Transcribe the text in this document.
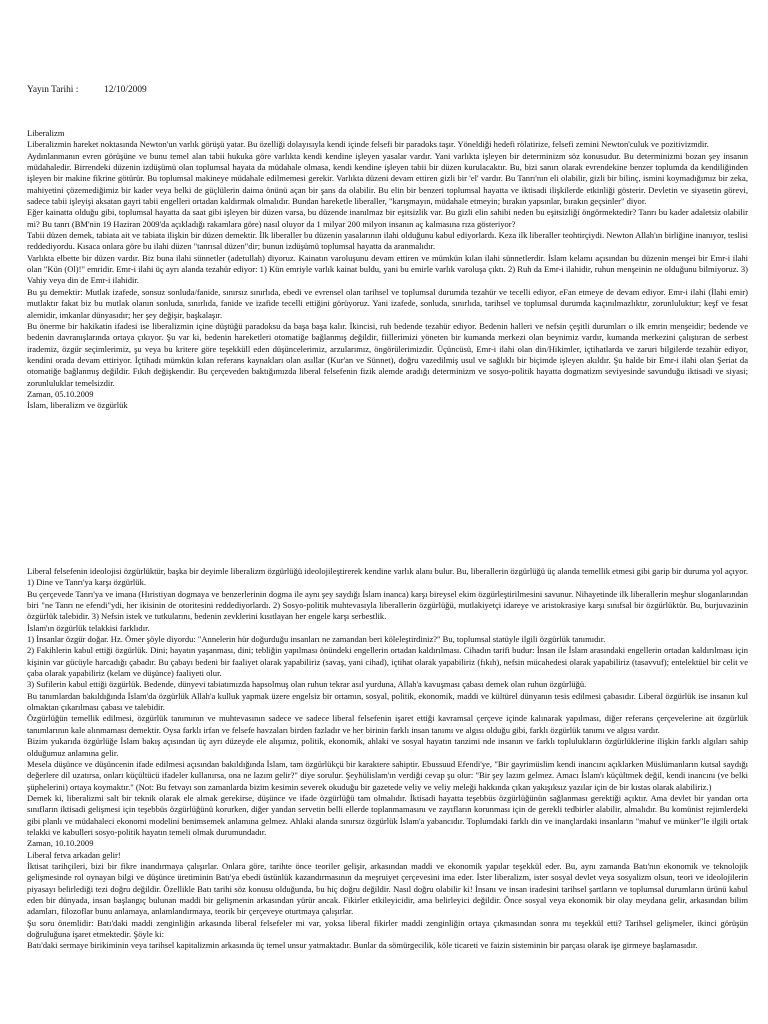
Yayın Tarihi :	12/10/2009

Liberalizm

Liberalizmin hareket noktasında Newton'un varlık görüşü yatar. Bu özelliği dolayısıyla kendi içinde felsefi bir paradoks taşır. Yöneldiği hedefi rölatirize, felsefi zemini Newton'culuk ve pozitivizmdir.

Aydınlanmanın evren görüşüne ve bunu temel alan tabii hukuka göre varlıkta kendi kendine işleyen yasalar vardır. Yani varlıkta işleyen bir determinizm söz konusudur. Bu determinizmi bozan şey insanın müdahaledir. Birrendeki düzenin izdüşümü olan toplumsal hayata da müdahale olmasa, kendi kendine işleyen tabii bir düzen kurulacaktır. Bu, bizi sanırı olarak evrendekine benzer toplumda da kendiliğinden işleyen bir makine fikrine götürür. Bu toplumsal makineye müdahale edilmemesi gerekir. Varlıkta düzeni devam ettiren gizli bir 'el' vardır. Bu Tanrı'nın eli olabilir, gizli bir bilinç, ismini koymadığımız bir zeka, mahiyetini çözemediğimiz bir kader veya belki de güçlülerin daima önünü açan bir şans da olabilir. Bu elin bir benzeri toplumsal hayatta ve iktisadi ilişkilerde etkinliği gösterir. Devletin ve siyasetin görevi, sadece tabii işleyişi aksatan gayri tabii engelleri ortadan kaldırmak olmalıdır. Bundan hareketle liberaller, "karışmayın, müdahale etmeyin; bırakın yapsınlar, bırakın geçsinler" diyor.

Eğer kainatta olduğu gibi, toplumsal hayatta da saat gibi işleyen bir düzen varsa, bu düzende inanılmaz bir eşitsizlik var. Bu gizli elin sahibi neden bu eşitsizliği öngörmektedir? Tanrı bu kader adaletsiz olabilir mi? Bu tanrı (BM'nin 19 Haziran 2009'da açıkladığı rakamlara göre) nasıl oluyor da 1 milyar 200 milyon insanın aç kalmasına rıza gösteriyor?

Tabii düzen demek, tabiata ait ve tabiata ilişkin bir düzen demektir. İlk liberaller bu düzenin yasalarının ilahi olduğunu kabul ediyorlardı. Keza ilk liberaller teohtirçiydi. Newton Allah'ın birliğine inanıyor, teslisi reddediyordu. Kısaca onlara göre bu ilahi düzen "tanrısal düzen"dir; bunun izdüşümü toplumsal hayatta da aranmalıdır.

Varlıkta elbette bir düzen vardır. Biz buna ilahi sünnetler (adetullah) diyoruz. Kainatın varoluşunu devam ettiren ve mümkün kılan ilahi sünnetlerdir. İslam kelamı açısından bu düzenin menşei bir Emr-i ilahi olan "Kün (Ol)!" emridir. Emr-i ilahi üç ayrı alanda tezahür ediyor: 1) Kün emriyle varlık kainat buldu, yani bu emirle varlık varoluşa çıktı. 2) Ruh da Emr-i ilahidir, ruhun menşeinin ne olduğunu bilmiyoruz. 3) Vahiy veya din de Emr-i ilahidir.

Bu şu demektir: Mutlak izafede, sonsuz sonluda/fanide, sınırsız sınırlıda, ebedi ve evrensel olan tarihsel ve toplumsal durumda tezahür ve tecelli ediyor, eFan etmeye de devam ediyor. Emr-i ilahi (İlahi emir) mutlaktır fakat biz bu mutlak olanın sonluda, sınırlıda, fanide ve izafide tecelli ettiğini görüyoruz. Yani izafede, sonluda, sınırlıda, tarihsel ve toplumsal durumda kaçınılmazlıktır, zorunluluktur; keşf ve fesat alemidir, imkanlar dünyasıdır; her şey değişir, başkalaşır.

Bu önerme bir hakikatin ifadesi ise liberalizmin içine düştüğü paradoksu da başa başa kalır. İkincisi, ruh bedende tezahür ediyor. Bedenin halleri ve nefsin çeşitli durumları o ilk emrin menşeidir; bedende ve bedenin davranışlarında ortaya çıkıyor. Şu var ki, bedenin hareketleri otomatiğe bağlanmış değildir, fiillerimizi yöneten bir kumanda merkezi olan beynimiz vardır, kumanda merkezini çalıştıran de serbest irademiz, özgür seçimlerimiz, şu veya bu kritere göre teşekküll eden düşüncelerimiz, arzularımız, öngörülerimizdir. Üçüncüsü, Emr-i ilahi olan din/Hikimler, içtihatlarda ve zaruri bilgilerde tezahür ediyor, kendini orada devam ettiriyor. İçtihadı mümkün kılan referans kaynakları olan asıllar (Kur'an ve Sünnet), doğru vazedilmiş usul ve sağlıklı bir biçimde işleyen akıldır. Şu halde bir Emr-i ilahi olan Şeriat da otomatiğe bağlanmış değildir. Fıkıh değişkendir. Bu çerçeveden baktığımızda liberal felsefenin fizik alemde aradığı determinizm ve sosyo-politik hayatta dogmatizm seviyesinde savunduğu iktisadi ve siyasi; zorunluluklar temelsizdir.

Zaman, 05.10.2009

İslam, liberalizm ve özgürlük

Liberal felsefenin ideolojisi özgürlüktür, başka bir deyimle liberalizm özgürlüğü ideolojileştirerek kendine varlık alanı bulur. Bu, liberallerin özgürlüğü üç alanda temellik etmesi gibi garip bir duruma yol açıyor. 1) Dine ve Tanrı'ya karşı özgürlük.

Bu çerçevede Tanrı'ya ve imana (Hıristiyan dogmaya ve benzerlerinin dogma ile aynı şey saydığı İslam inanca) karşı bireysel ekim özgürleştirilmesini savunur. Nihayetinde ilk liberallerin meşhur sloganlarından biri "ne Tanrı ne efendi"ydi, her ikisinin de otoritesini reddediyorlardı. 2) Sosyo-politik muhtevasıyla liberallerin özgürlüğü, mutlakiyetçi idareye ve aristokrasiye karşı sınıfsal bir özgürlüktür. Bu, burjuvazinin özgürlük talebidir. 3) Nefsin istek ve tutkularını, bedenin zevklerini kısıtlayan her engele karşı serbestlik.

İslam'ın özgürlük telakkisi farklıdır.

1) İnsanlar özgür doğar. Hz. Ömer şöyle diyordu: "Annelerin hür doğurduğu insanları ne zamandan beri köleleştirdiniz?" Bu, toplumsal statüyle ilgili özgürlük tanımıdır.

2) Fakihlerin kabul ettiği özgürlük. Dini; hayatın yaşanması, dini; tebliğin yapılması önündeki engellerin ortadan kaldırılması. Cihadın tarifi budur: İnsan ile İslam arasındaki engellerin ortadan kaldırılması için kişinin var gücüyle harcadığı çabadır. Bu çabayı bedeni bir faaliyet olarak yapabiliriz (savaş, yani cihad), içtihat olarak yapabiliriz (fıkıh), nefsin mücahedesi olarak yapabiliriz (tasavvuf); entelektüel bir celit ve çaba olarak yapabiliriz (kelam ve düşünce) faaliyeti olur.

3) Sufilerin kabul ettiği özgürlük. Bedende, dünyevi tabiatımızda hapsolmuş olan ruhun tekrar asıl yurduna, Allah'a kavuşması çabası demek olan ruhun özgürlüğü.

Bu tanımlardan bakıldığında İslam'da özgürlük Allah'a kulluk yapmak üzere engelsiz bir ortamın, sosyal, politik, ekonomik, maddi ve kültürel dünyanın tesis edilmesi çabasıdır. Liberal özgürlük ise insanın kul olmaktan çıkarılması çabası ve talebidir.

Özgürlüğün temellik edilmesi, özgürlük tanımının ve muhtevasının sadece ve sadece liberal felsefenin işaret ettiği kavramsal çerçeve içinde kalınarak yapılması, diğer referans çerçevelerine ait özgürlük tanımlarının kale alınmaması demektir. Oysa farklı irfan ve felsefe havzaları birden fazladır ve her birinin farklı insan tanımı ve algısı olduğu gibi, farklı özgürlük tanımı ve algısı vardır.

Bizim yukarıda özgürlüğe İslam bakış açısından üç ayrı düzeyde ele alışımız, politik, ekonomik, ahlaki ve sosyal hayatın tanzimi nde insanın ve farklı toplulukların özgürlüklerine ilişkin farklı algıları sahip olduğumuz anlamına gelir.

Mesela düşünce ve düşüncenin ifade edilmesi açısından bakıldığında İslam, tam özgürlükçü bir karaktere sahiptir. Ebussuud Efendi'ye, "Bir gayrimüslim kendi inancını açıklarken Müslümanların kutsal saydığı değerlere dil uzatırsa, onları küçültücü ifadeler kullanırsa, ona ne lazım gelir?" diye sorulur. Şeyhülislam'ın verdiği cevap şu olur: "Bir şey lazım gelmez. Amacı İslam'ı küçültmek değil, kendi inancını (ve belki şüphelerini) ortaya koymaktır." (Not: Bu fetvayı son zamanlarda bizim kesimin severek okuduğu bir gazetede veliy ve veliy meleği hakkında çıkan yakışıksız yazılar için de bir kıstas olarak alabiliriz.)

Demek ki, liberalizmi salt bir teknik olarak ele almak gerekirse, düşünce ve ifade özgürlüğü tam olmalıdır. İktisadi hayatta teşebbüs özgürlüğünün sağlanması gerektiği açıktır. Ama devlet bir yandan orta sınıfların iktisadi gelişmesi için teşebbüs özgürlüğünü korurken, diğer yandan servetin belli ellerde toplanmamasını ve zayıfların korunması için de gerekli tedbirler alabilir, almalıdır. Bu komünist rejimlerdeki gibi planlı ve müdahaleci ekonomi modelini benimsemek anlamına gelmez. Ahlaki alanda sınırsız özgürlük İslam'a yabancıdır. Toplumdaki farklı din ve inançlardaki insanların "mahuf ve münker"le ilgili ortak telakki ve kabulleri sosyo-politik hayatın temeli olmak durumundadır.

Zaman, 10.10.2009

Liberal fetva arkadan gelir!

İktisat tarihçileri, bizi bir fikre inandırmaya çalışırlar. Onlara göre, tarihte önce teoriler gelişir, arkasından maddi ve ekonomik yapılar teşekkül eder. Bu, aynı zamanda Batı'nın ekonomik ve teknolojik gelişmesinde rol oynayan bilgi ve düşünce üretiminin Batı'ya ebedi üstünlük kazandırmasının da meşruiyet çerçevesini ima eder. İster liberalizm, ister sosyal devlet veya sosyalizm olsun, teori ve ideolojilerin piyasayı belirlediği tezi doğru değildir. Özellikle Batı tarihi söz konusu olduğunda, bu hiç doğru değildir. Nasıl doğru olabilir ki! İnsanı ve insan iradesini tarihsel şartların ve toplumsal durumların ürünü kabul eden bir dünyada, insan başlangıç bulunan maddi bir gelişmenin arkasından yürür ancak. Fikirler etkileyicidir, ama belirleyici değildir. Önce sosyal veya ekonomik bir olay meydana gelir, arkasından bilim adamları, filozoflar bunu anlamaya, anlamlandırmaya, teorik bir çerçeveye oturtmaya çalışırlar.

Şu soru önemlidir: Batı'daki maddi zenginliğin arkasında liberal felsefeler mi var, yoksa liberal fikirler maddi zenginliğin ortaya çıkmasından sonra mı teşekkül etti? Tarihsel gelişmeler, ikinci görüşün doğruluğuna işaret etmektedir. Şöyle ki:

Batı'daki sermaye birikiminin veya tarihsel kapitalizmin arkasında üç temel unsur yatmaktadır. Bunlar da sömürgecilik, köle ticareti ve faizin sisteminin bir parçası olarak işe girmeye başlamasıdır.
